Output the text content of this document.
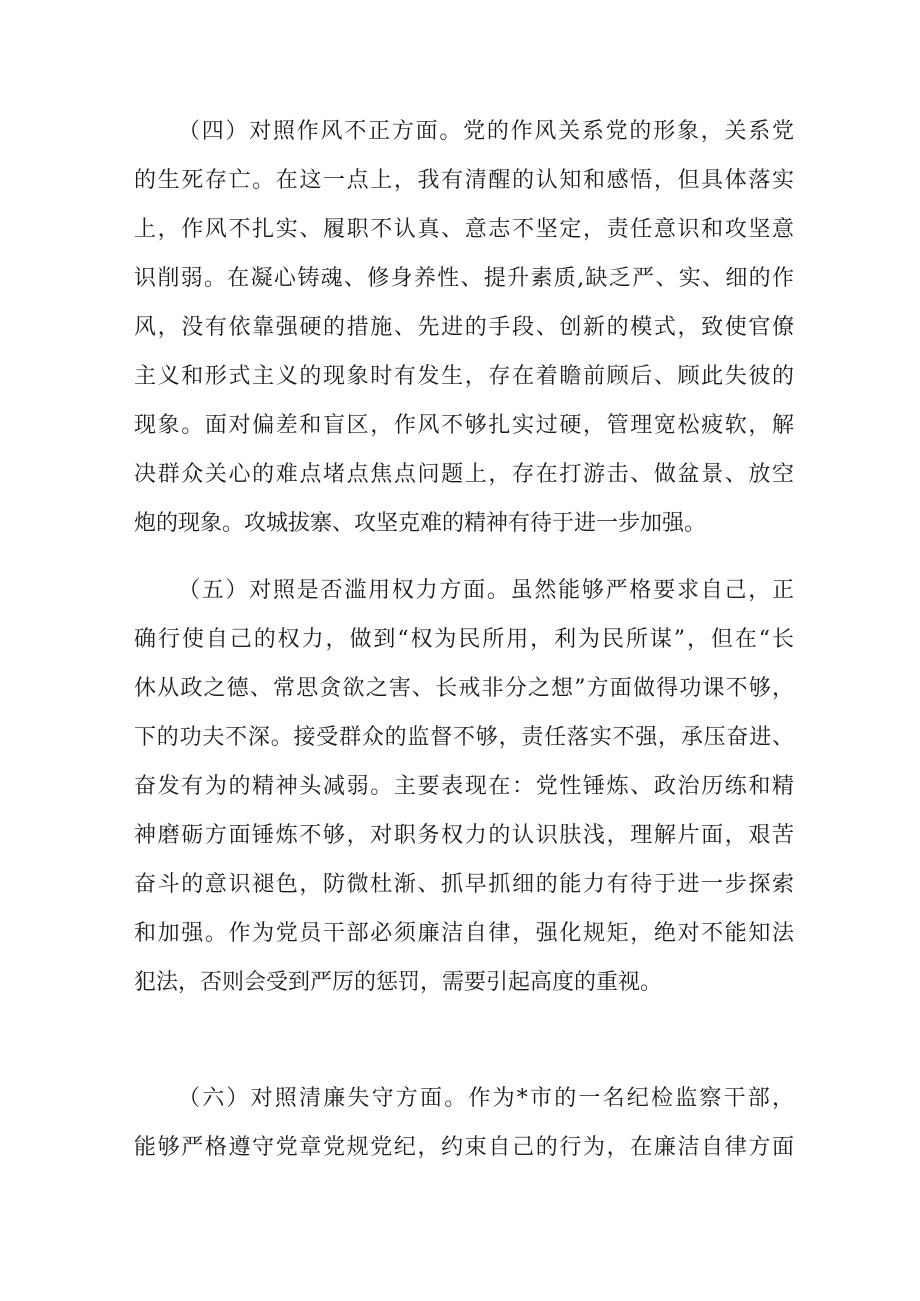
（四）对照作风不正方面。党的作风关系党的形象，关系党
的生死存亡。在这一点上，我有清醒的认知和感悟，但具体落实
上，作风不扎实、履职不认真、意志不坚定，责任意识和攻坚意
识削弱。在凝心铸魂、修身养性、提升素质,缺乏严、实、细的作
风，没有依靠强硬的措施、先进的手段、创新的模式，致使官僚
主义和形式主义的现象时有发生，存在着瞻前顾后、顾此失彼的
现象。面对偏差和盲区，作风不够扎实过硬，管理宽松疲软，解
决群众关心的难点堵点焦点问题上，存在打游击、做盆景、放空
炮的现象。攻城拔寨、攻坚克难的精神有待于进一步加强。
（五）对照是否滥用权力方面。虽然能够严格要求自己，正
确行使自己的权力，做到“权为民所用，利为民所谋”，但在“长
休从政之德、常思贪欲之害、长戒非分之想”方面做得功课不够，
下的功夫不深。接受群众的监督不够，责任落实不强，承压奋进、
奋发有为的精神头减弱。主要表现在：党性锤炼、政治历练和精
神磨砺方面锤炼不够，对职务权力的认识肤浅，理解片面，艰苦
奋斗的意识褪色，防微杜渐、抓早抓细的能力有待于进一步探索
和加强。作为党员干部必须廉洁自律，强化规矩，绝对不能知法
犯法，否则会受到严厉的惩罚，需要引起高度的重视。
（六）对照清廉失守方面。作为*市的一名纪检监察干部，
能够严格遵守党章党规党纪，约束自己的行为，在廉洁自律方面
